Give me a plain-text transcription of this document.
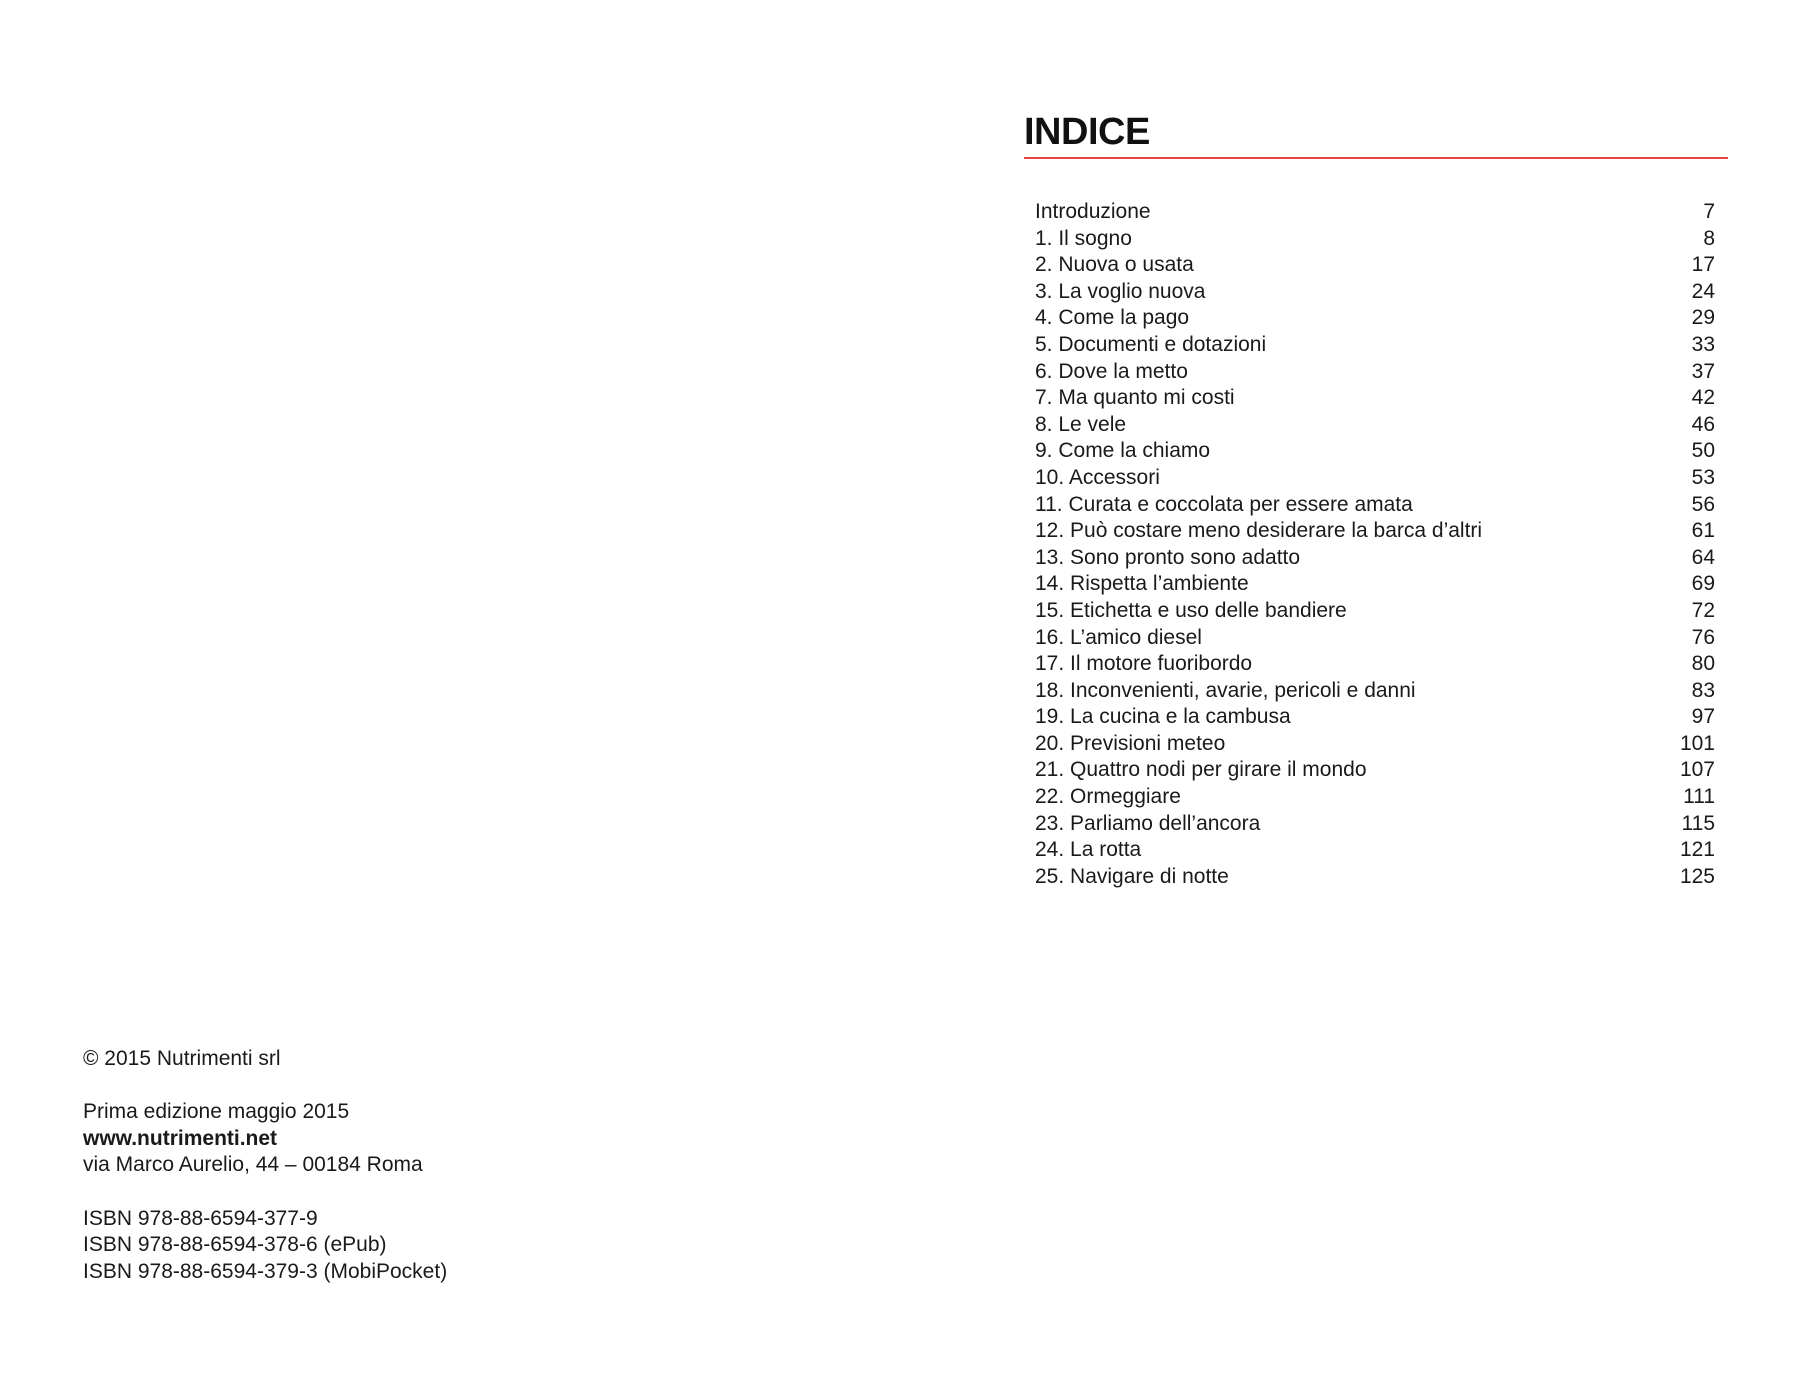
INDICE
Introduzione	7
1. Il sogno	8
2. Nuova o usata	17
3. La voglio nuova	24
4. Come la pago	29
5. Documenti e dotazioni	33
6. Dove la metto	37
7. Ma quanto mi costi	42
8. Le vele	46
9. Come la chiamo	50
10. Accessori	53
11. Curata e coccolata per essere amata	56
12. Può costare meno desiderare la barca d’altri	61
13. Sono pronto sono adatto	64
14. Rispetta l’ambiente	69
15. Etichetta e uso delle bandiere	72
16. L’amico diesel	76
17. Il motore fuoribordo	80
18. Inconvenienti, avarie, pericoli e danni	83
19. La cucina e la cambusa	97
20. Previsioni meteo	101
21. Quattro nodi per girare il mondo	107
22. Ormeggiare	111
23. Parliamo dell’ancora	115
24. La rotta	121
25. Navigare di notte	125

© 2015 Nutrimenti srl

Prima edizione maggio 2015

www.nutrimenti.net

via Marco Aurelio, 44 – 00184 Roma

ISBN 978-88-6594-377-9

ISBN 978-88-6594-378-6 (ePub)

ISBN 978-88-6594-379-3 (MobiPocket)
